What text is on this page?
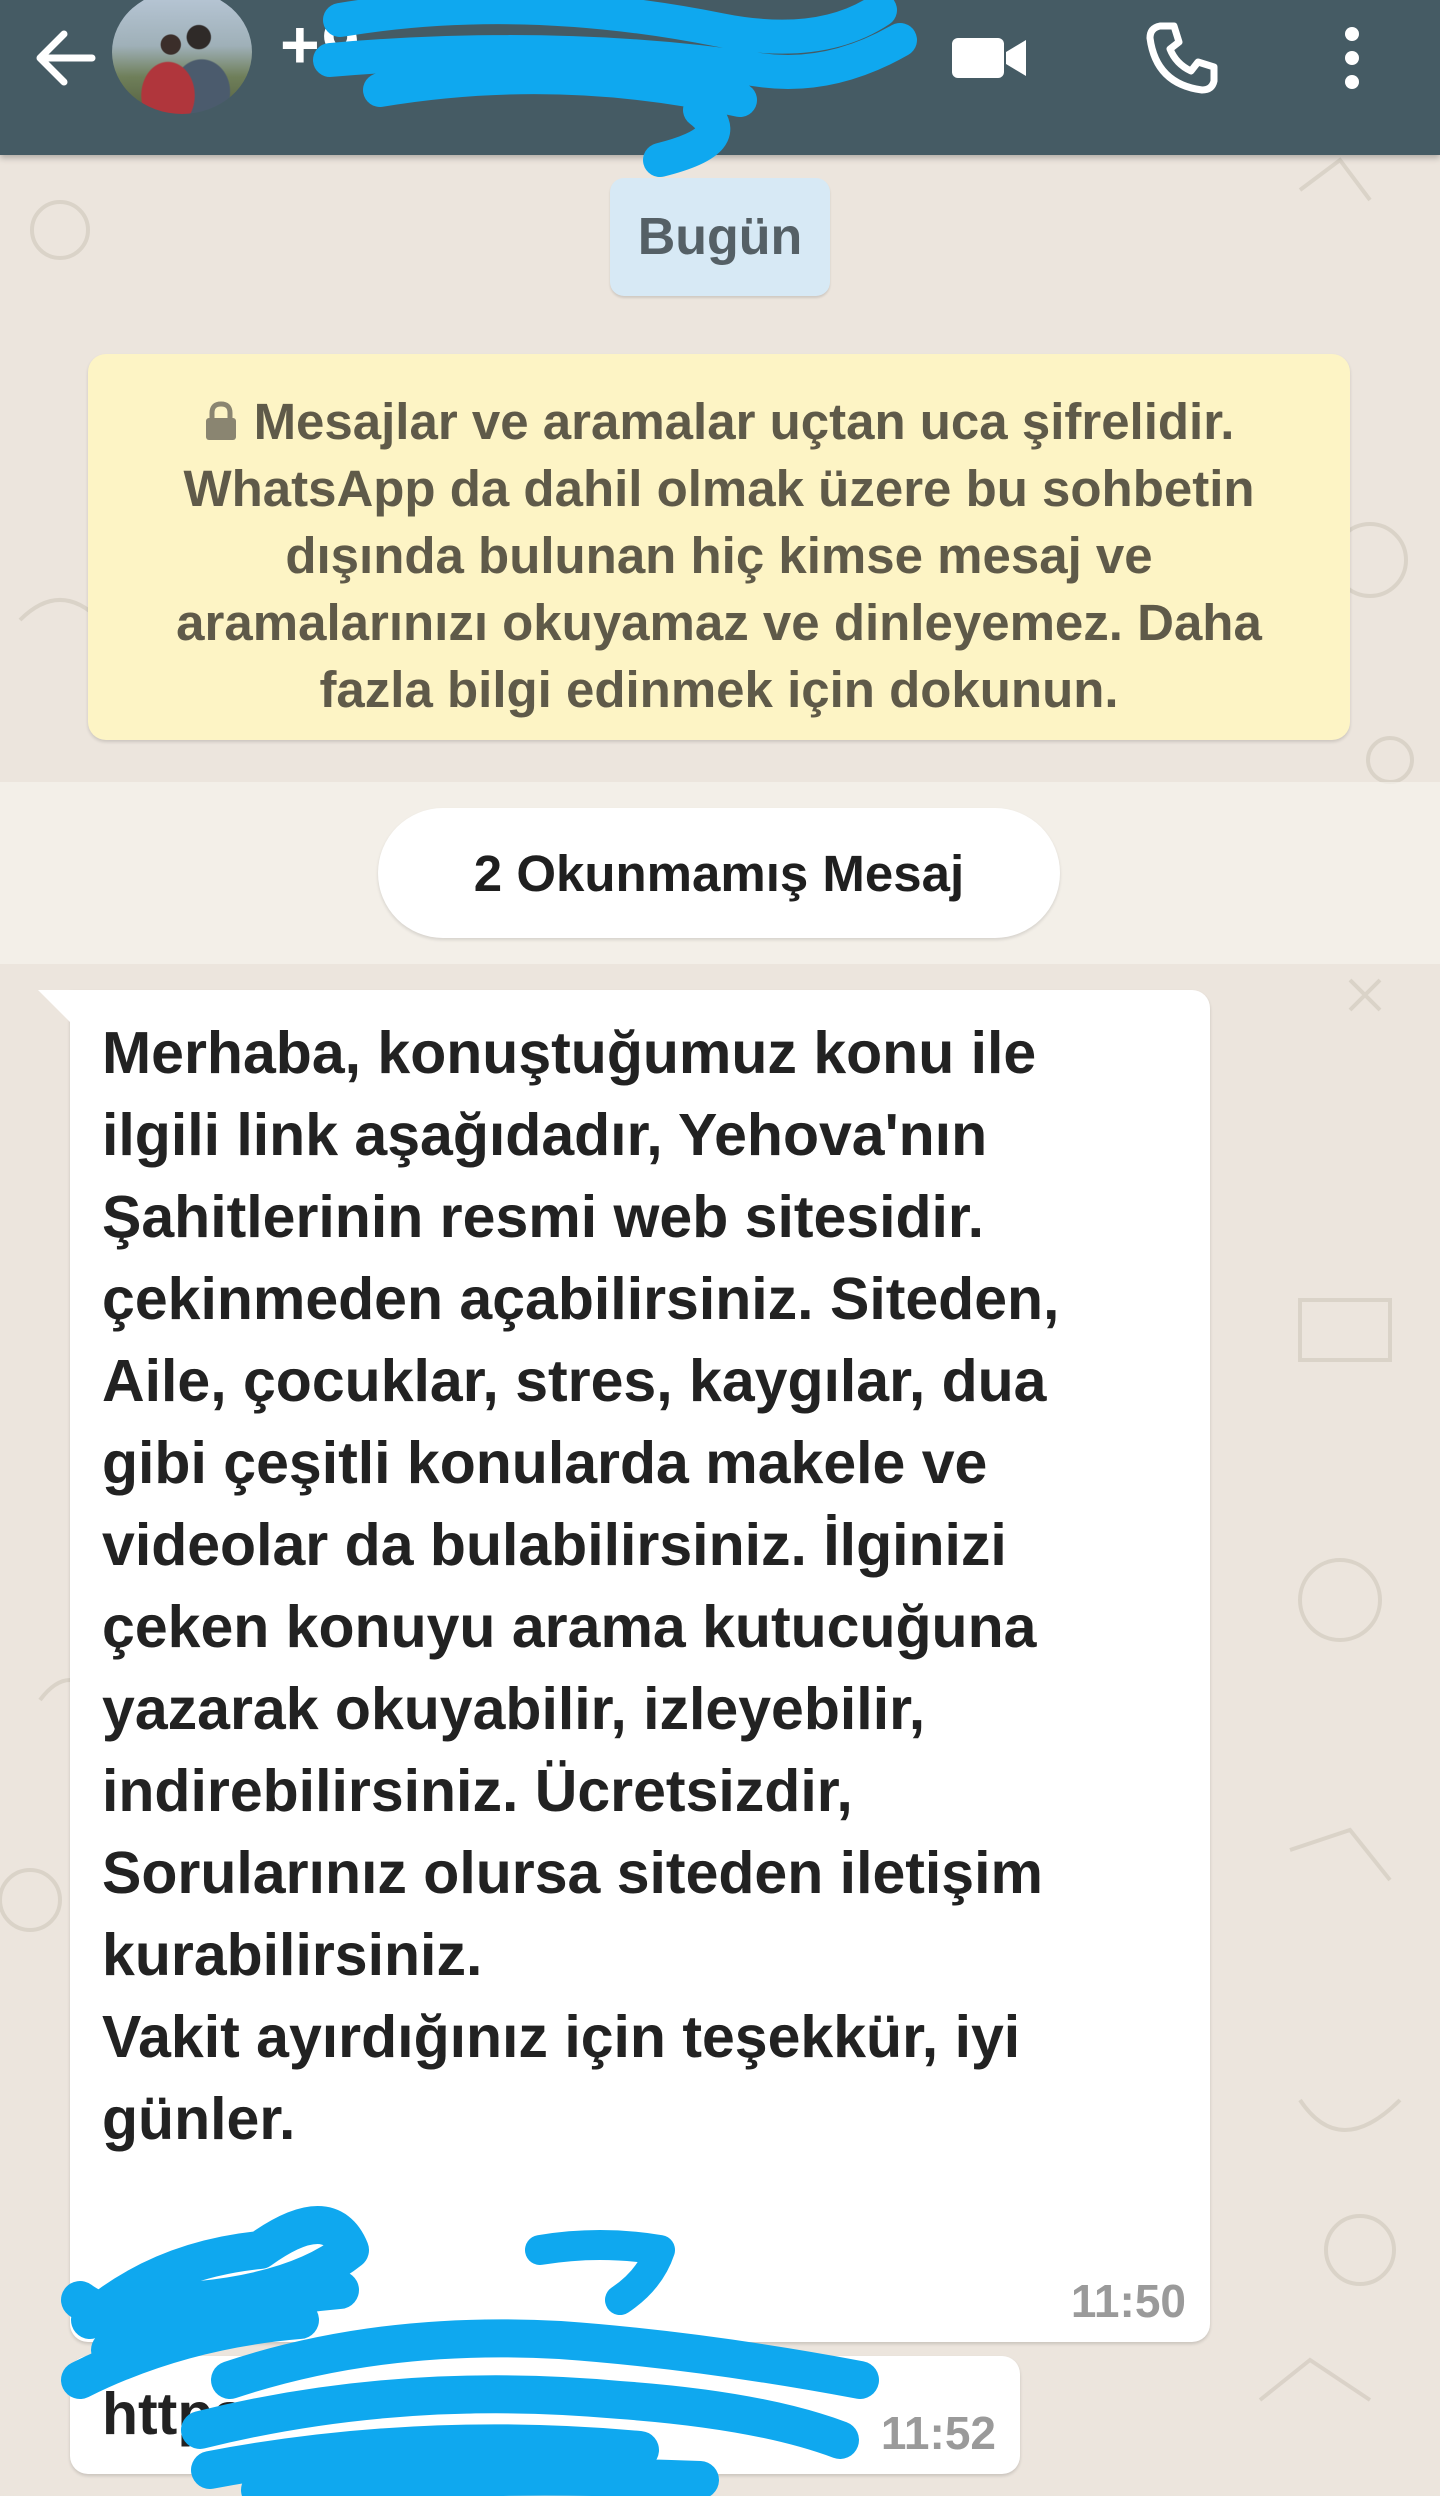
+9
Bugün
Mesajlar ve aramalar uçtan uca şifrelidir.
WhatsApp da dahil olmak üzere bu sohbetin
dışında bulunan hiç kimse mesaj ve
aramalarınızı okuyamaz ve dinleyemez. Daha
fazla bilgi edinmek için dokunun.
2 Okunmamış Mesaj
Merhaba, konuştuğumuz konu ile
ilgili link aşağıdadır, Yehova'nın
Şahitlerinin resmi web sitesidir.
çekinmeden açabilirsiniz. Siteden,
Aile, çocuklar, stres, kaygılar, dua
gibi çeşitli konularda makele ve
videolar da bulabilirsiniz. İlginizi
çeken konuyu arama kutucuğuna
yazarak okuyabilir, izleyebilir,
indirebilirsiniz. Ücretsizdir,
Sorularınız olursa siteden iletişim
kurabilirsiniz.
Vakit ayırdığınız için teşekkür, iyi
günler.
11:50
https	11:52
